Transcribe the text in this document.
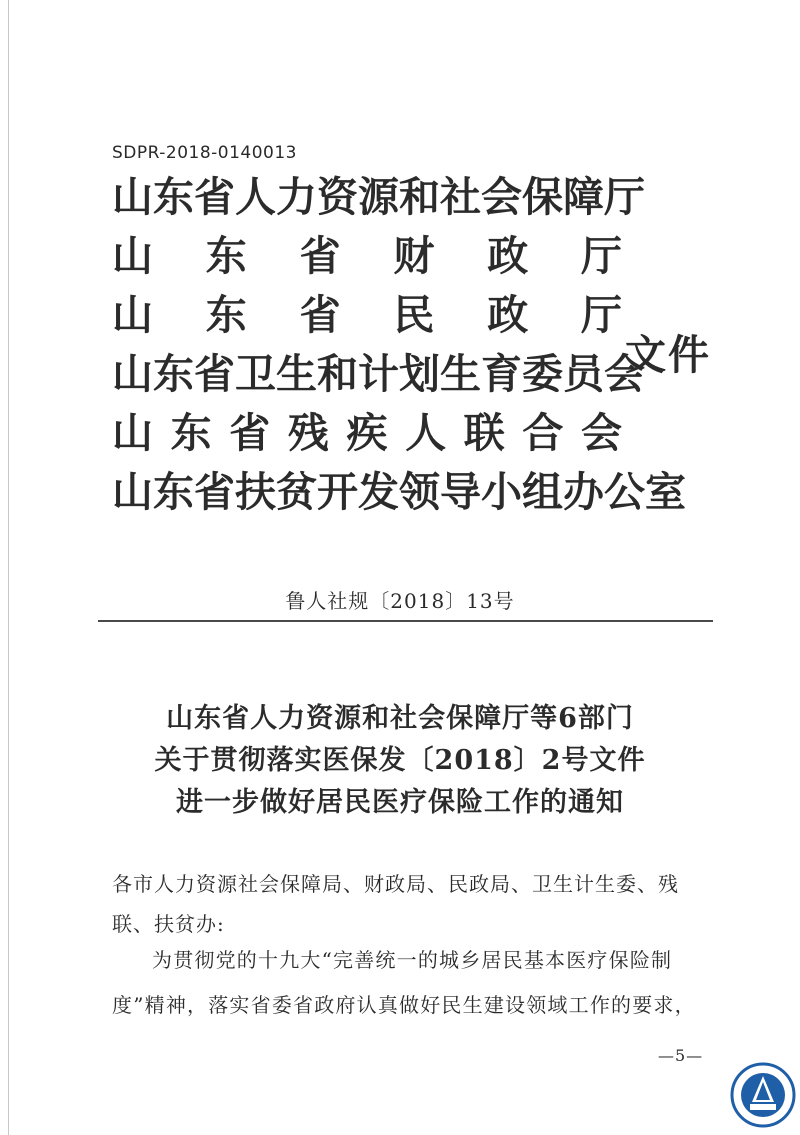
SDPR-2018-0140013
山东省人力资源和社会保障厅
山 东 省 财 政 厅
山 东 省 民 政 厅
山东省卫生和计划生育委员会
山 东 省 残 疾 人 联 合 会
山东省扶贫开发领导小组办公室
文件
鲁人社规〔2018〕13号
山东省人力资源和社会保障厅等6部门
关于贯彻落实医保发〔2018〕2号文件
进一步做好居民医疗保险工作的通知
各市人力资源社会保障局、财政局、民政局、卫生计生委、残联、扶贫办:
为贯彻党的十九大“完善统一的城乡居民基本医疗保险制度”精神，落实省委省政府认真做好民生建设领域工作的要求，
—5—
